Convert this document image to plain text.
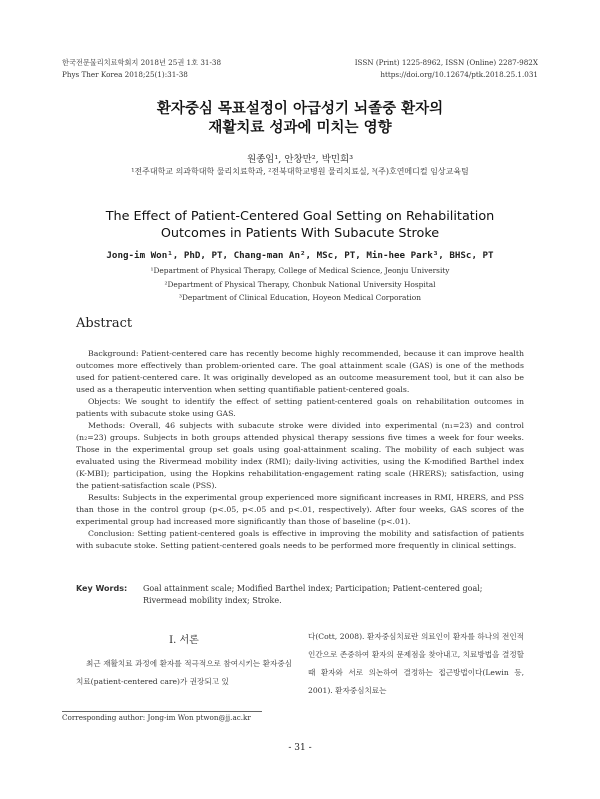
한국전문물리치료학회지 2018년 25권 1호 31-38
Phys Ther Korea 2018;25(1):31-38
ISSN (Print) 1225-8962, ISSN (Online) 2287-982X
https://doi.org/10.12674/ptk.2018.25.1.031
환자중심 목표설정이 아급성기 뇌졸중 환자의
재활치료 성과에 미치는 영향
원종임¹, 안창만², 박민희³
¹전주대학교 의과학대학 물리치료학과, ²전북대학교병원 물리치료실, ³(주)호연메디컬 임상교육팀
The Effect of Patient-Centered Goal Setting on Rehabilitation
Outcomes in Patients With Subacute Stroke
Jong-im Won¹, PhD, PT, Chang-man An², MSc, PT, Min-hee Park³, BHSc, PT
¹Department of Physical Therapy, College of Medical Science, Jeonju University
²Department of Physical Therapy, Chonbuk National University Hospital
³Department of Clinical Education, Hoyeon Medical Corporation
Abstract

Background: Patient-centered care has recently become highly recommended, because it can improve health outcomes more effectively than problem-oriented care. The goal attainment scale (GAS) is one of the methods used for patient-centered care. It was originally developed as an outcome measurement tool, but it can also be used as a therapeutic intervention when setting quantifiable patient-centered goals.

Objects: We sought to identify the effect of setting patient-centered goals on rehabilitation outcomes in patients with subacute stoke using GAS.

Methods: Overall, 46 subjects with subacute stroke were divided into experimental (n₁=23) and control (n₂=23) groups. Subjects in both groups attended physical therapy sessions five times a week for four weeks. Those in the experimental group set goals using goal-attainment scaling. The mobility of each subject was evaluated using the Rivermead mobility index (RMI); daily-living activities, using the K-modified Barthel index (K-MBI); participation, using the Hopkins rehabilitation-engagement rating scale (HRERS); satisfaction, using the patient-satisfaction scale (PSS).

Results: Subjects in the experimental group experienced more significant increases in RMI, HRERS, and PSS than those in the control group (p<.05, p<.05 and p<.01, respectively). After four weeks, GAS scores of the experimental group had increased more significantly than those of baseline (p<.01).

Conclusion: Setting patient-centered goals is effective in improving the mobility and satisfaction of patients with subacute stoke. Setting patient-centered goals needs to be performed more frequently in clinical settings.

Key Words: Goal attainment scale; Modified Barthel index; Participation; Patient-centered goal; Rivermead mobility index; Stroke.
I. 서론
최근 재활치료 과정에 환자를 적극적으로 참여시키는 환자중심치료(patient-centered care)가 권장되고 있
다(Cott, 2008). 환자중심치료란 의료인이 환자를 하나의 전인적 인간으로 존중하여 환자의 문제점을 찾아내고, 치료방법을 결정할 때 환자와 서로 의논하여 결정하는 접근방법이다(Lewin 등, 2001). 환자중심치료는
Corresponding author: Jong-im Won ptwon@jj.ac.kr
- 31 -
